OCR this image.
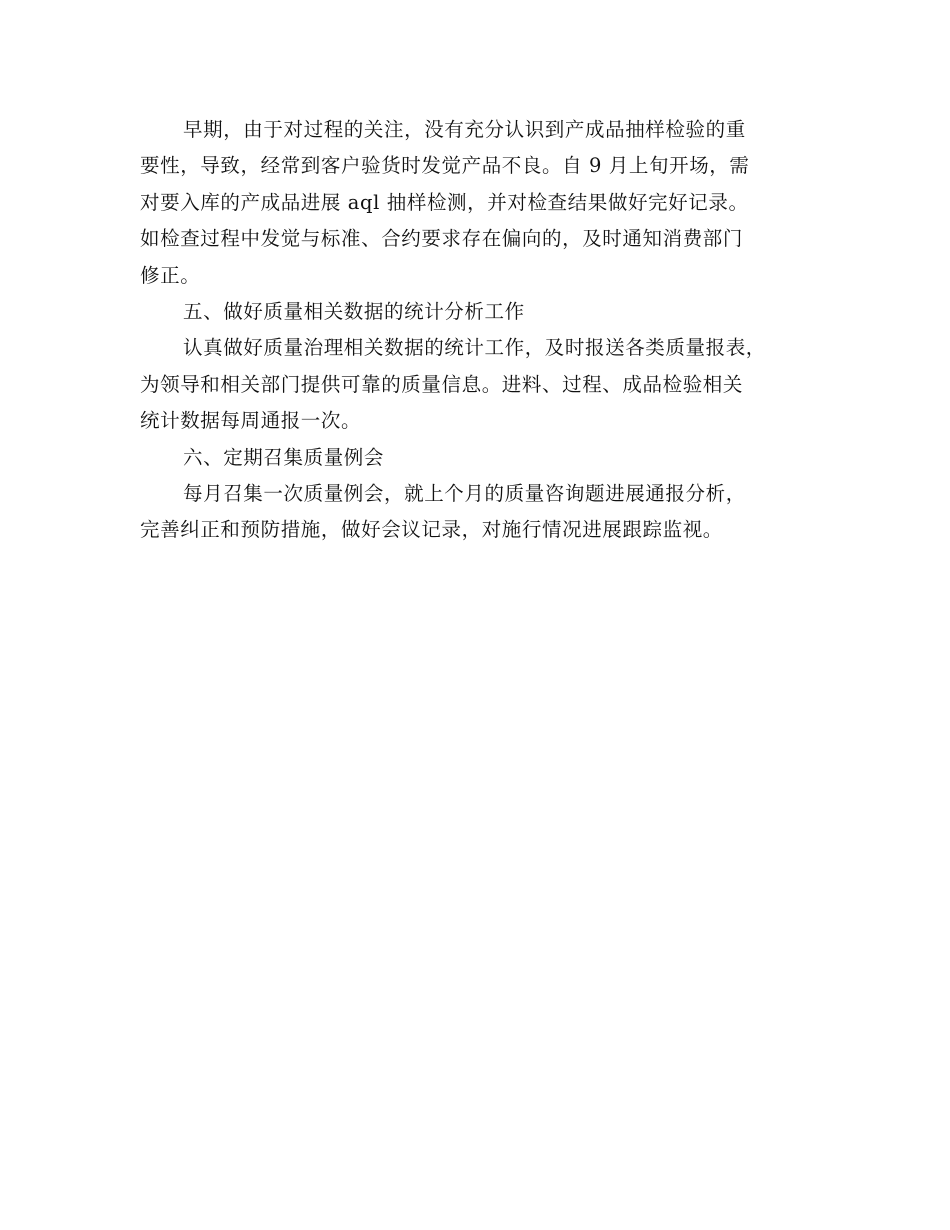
早期，由于对过程的关注，没有充分认识到产成品抽样检验的重
要性，导致，经常到客户验货时发觉产品不良。自 9 月上旬开场，需
对要入库的产成品进展 aql 抽样检测，并对检查结果做好完好记录。
如检查过程中发觉与标准、合约要求存在偏向的，及时通知消费部门
修正。
五、做好质量相关数据的统计分析工作
认真做好质量治理相关数据的统计工作，及时报送各类质量报表，
为领导和相关部门提供可靠的质量信息。进料、过程、成品检验相关
统计数据每周通报一次。
六、定期召集质量例会
每月召集一次质量例会，就上个月的质量咨询题进展通报分析，
完善纠正和预防措施，做好会议记录，对施行情况进展跟踪监视。
